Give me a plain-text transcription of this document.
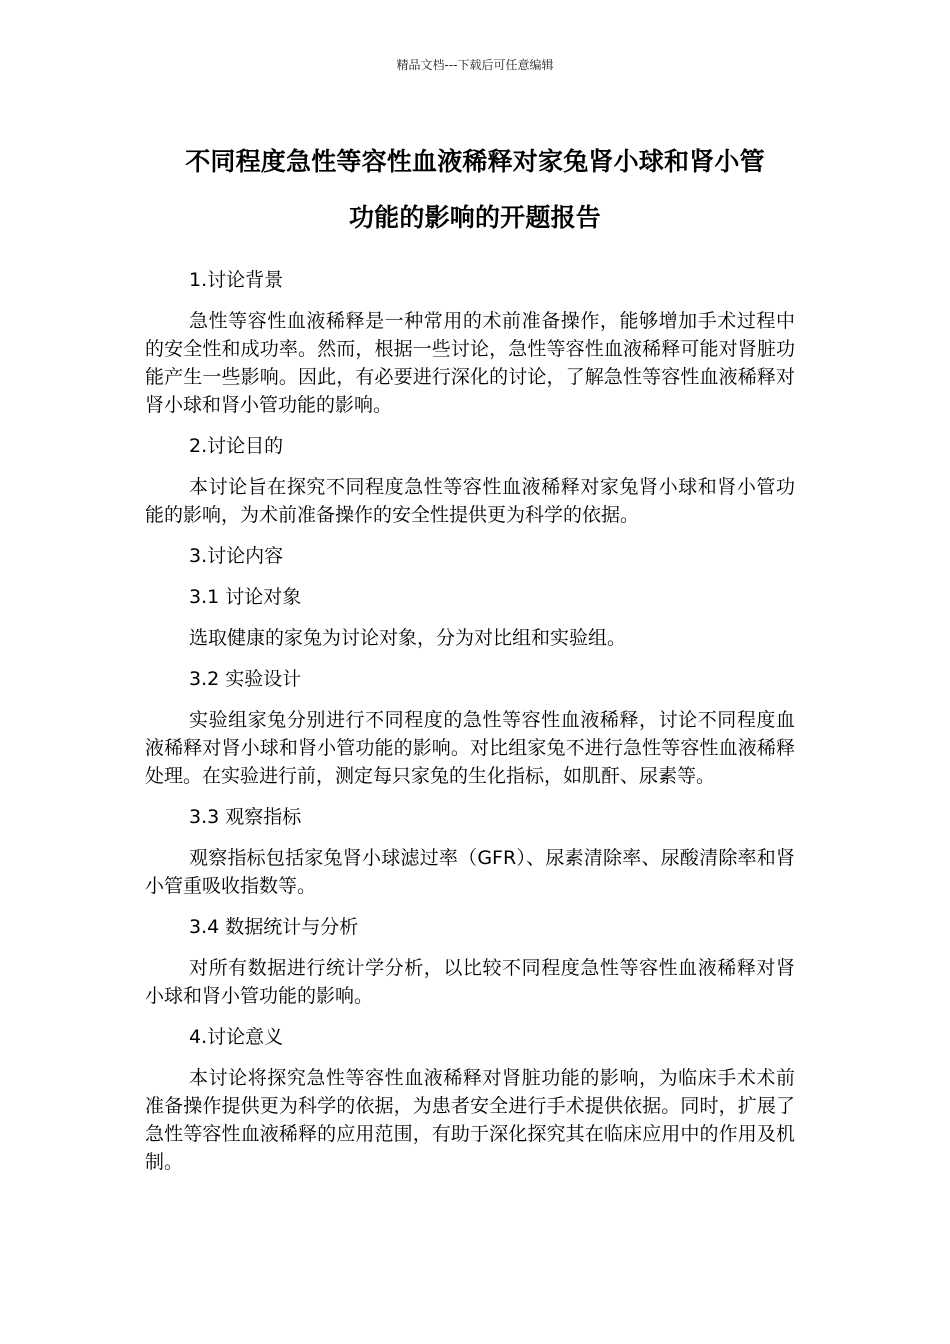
精品文档---下载后可任意编辑
不同程度急性等容性血液稀释对家兔肾小球和肾小管
功能的影响的开题报告

1.讨论背景

急性等容性血液稀释是一种常用的术前准备操作，能够增加手术过程中的安全性和成功率。然而，根据一些讨论，急性等容性血液稀释可能对肾脏功能产生一些影响。因此，有必要进行深化的讨论，了解急性等容性血液稀释对肾小球和肾小管功能的影响。

2.讨论目的

本讨论旨在探究不同程度急性等容性血液稀释对家兔肾小球和肾小管功能的影响，为术前准备操作的安全性提供更为科学的依据。

3.讨论内容

3.1 讨论对象

选取健康的家兔为讨论对象，分为对比组和实验组。

3.2 实验设计

实验组家兔分别进行不同程度的急性等容性血液稀释，讨论不同程度血液稀释对肾小球和肾小管功能的影响。对比组家兔不进行急性等容性血液稀释处理。在实验进行前，测定每只家兔的生化指标，如肌酐、尿素等。

3.3 观察指标

观察指标包括家兔肾小球滤过率（GFR）、尿素清除率、尿酸清除率和肾小管重吸收指数等。

3.4 数据统计与分析

对所有数据进行统计学分析，以比较不同程度急性等容性血液稀释对肾小球和肾小管功能的影响。

4.讨论意义

本讨论将探究急性等容性血液稀释对肾脏功能的影响，为临床手术术前准备操作提供更为科学的依据，为患者安全进行手术提供依据。同时，扩展了急性等容性血液稀释的应用范围，有助于深化探究其在临床应用中的作用及机制。
